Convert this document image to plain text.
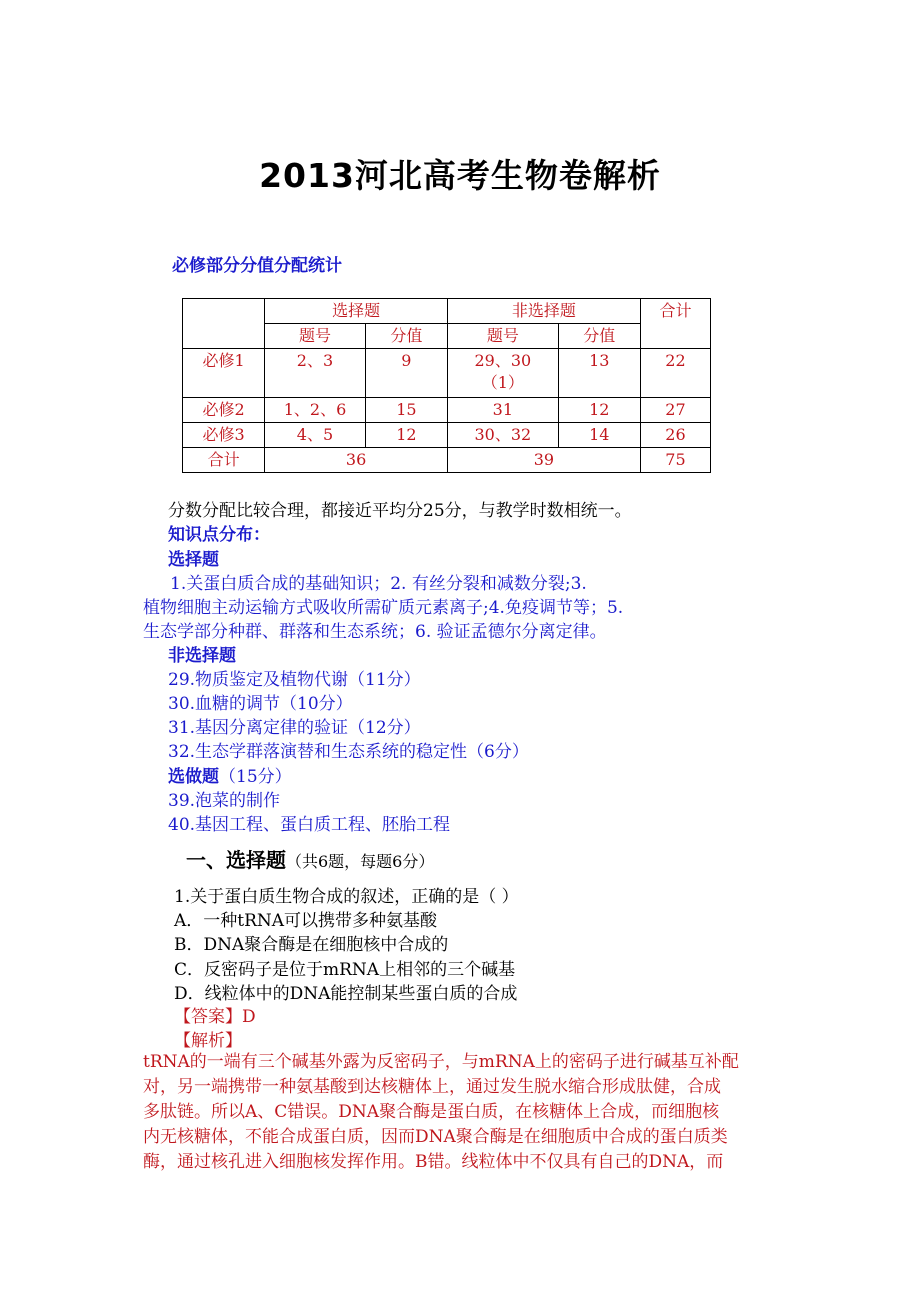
2013河北高考生物卷解析
必修部分分值分配统计
	选择题		非选择题		合计
	题号	分值	题号	分值	
必修1	2、3	9	29、30（1）	13	22
必修2	1、2、6	15	31	12	27
必修3	4、5	12	30、32	14	26
合计	36		39		75
分数分配比较合理，都接近平均分25分，与教学时数相统一。
知识点分布：
选择题
1.关蛋白质合成的基础知识；2. 有丝分裂和减数分裂;3.
植物细胞主动运输方式吸收所需矿质元素离子;4.免疫调节等；5.
生态学部分种群、群落和生态系统；6. 验证孟德尔分离定律。
非选择题
29.物质鉴定及植物代谢（11分）
30.血糖的调节（10分）
31.基因分离定律的验证（12分）
32.生态学群落演替和生态系统的稳定性（6分）
选做题（15分）
39.泡菜的制作
40.基因工程、蛋白质工程、胚胎工程
一、选择题（共6题，每题6分）
1.关于蛋白质生物合成的叙述，正确的是（ ）
A．一种tRNA可以携带多种氨基酸
B．DNA聚合酶是在细胞核中合成的
C．反密码子是位于mRNA上相邻的三个碱基
D．线粒体中的DNA能控制某些蛋白质的合成
【答案】D
【解析】
tRNA的一端有三个碱基外露为反密码子，与mRNA上的密码子进行碱基互补配
对，另一端携带一种氨基酸到达核糖体上，通过发生脱水缩合形成肽健，合成
多肽链。所以A、C错误。DNA聚合酶是蛋白质，在核糖体上合成，而细胞核
内无核糖体，不能合成蛋白质，因而DNA聚合酶是在细胞质中合成的蛋白质类
酶，通过核孔进入细胞核发挥作用。B错。线粒体中不仅具有自己的DNA，而
